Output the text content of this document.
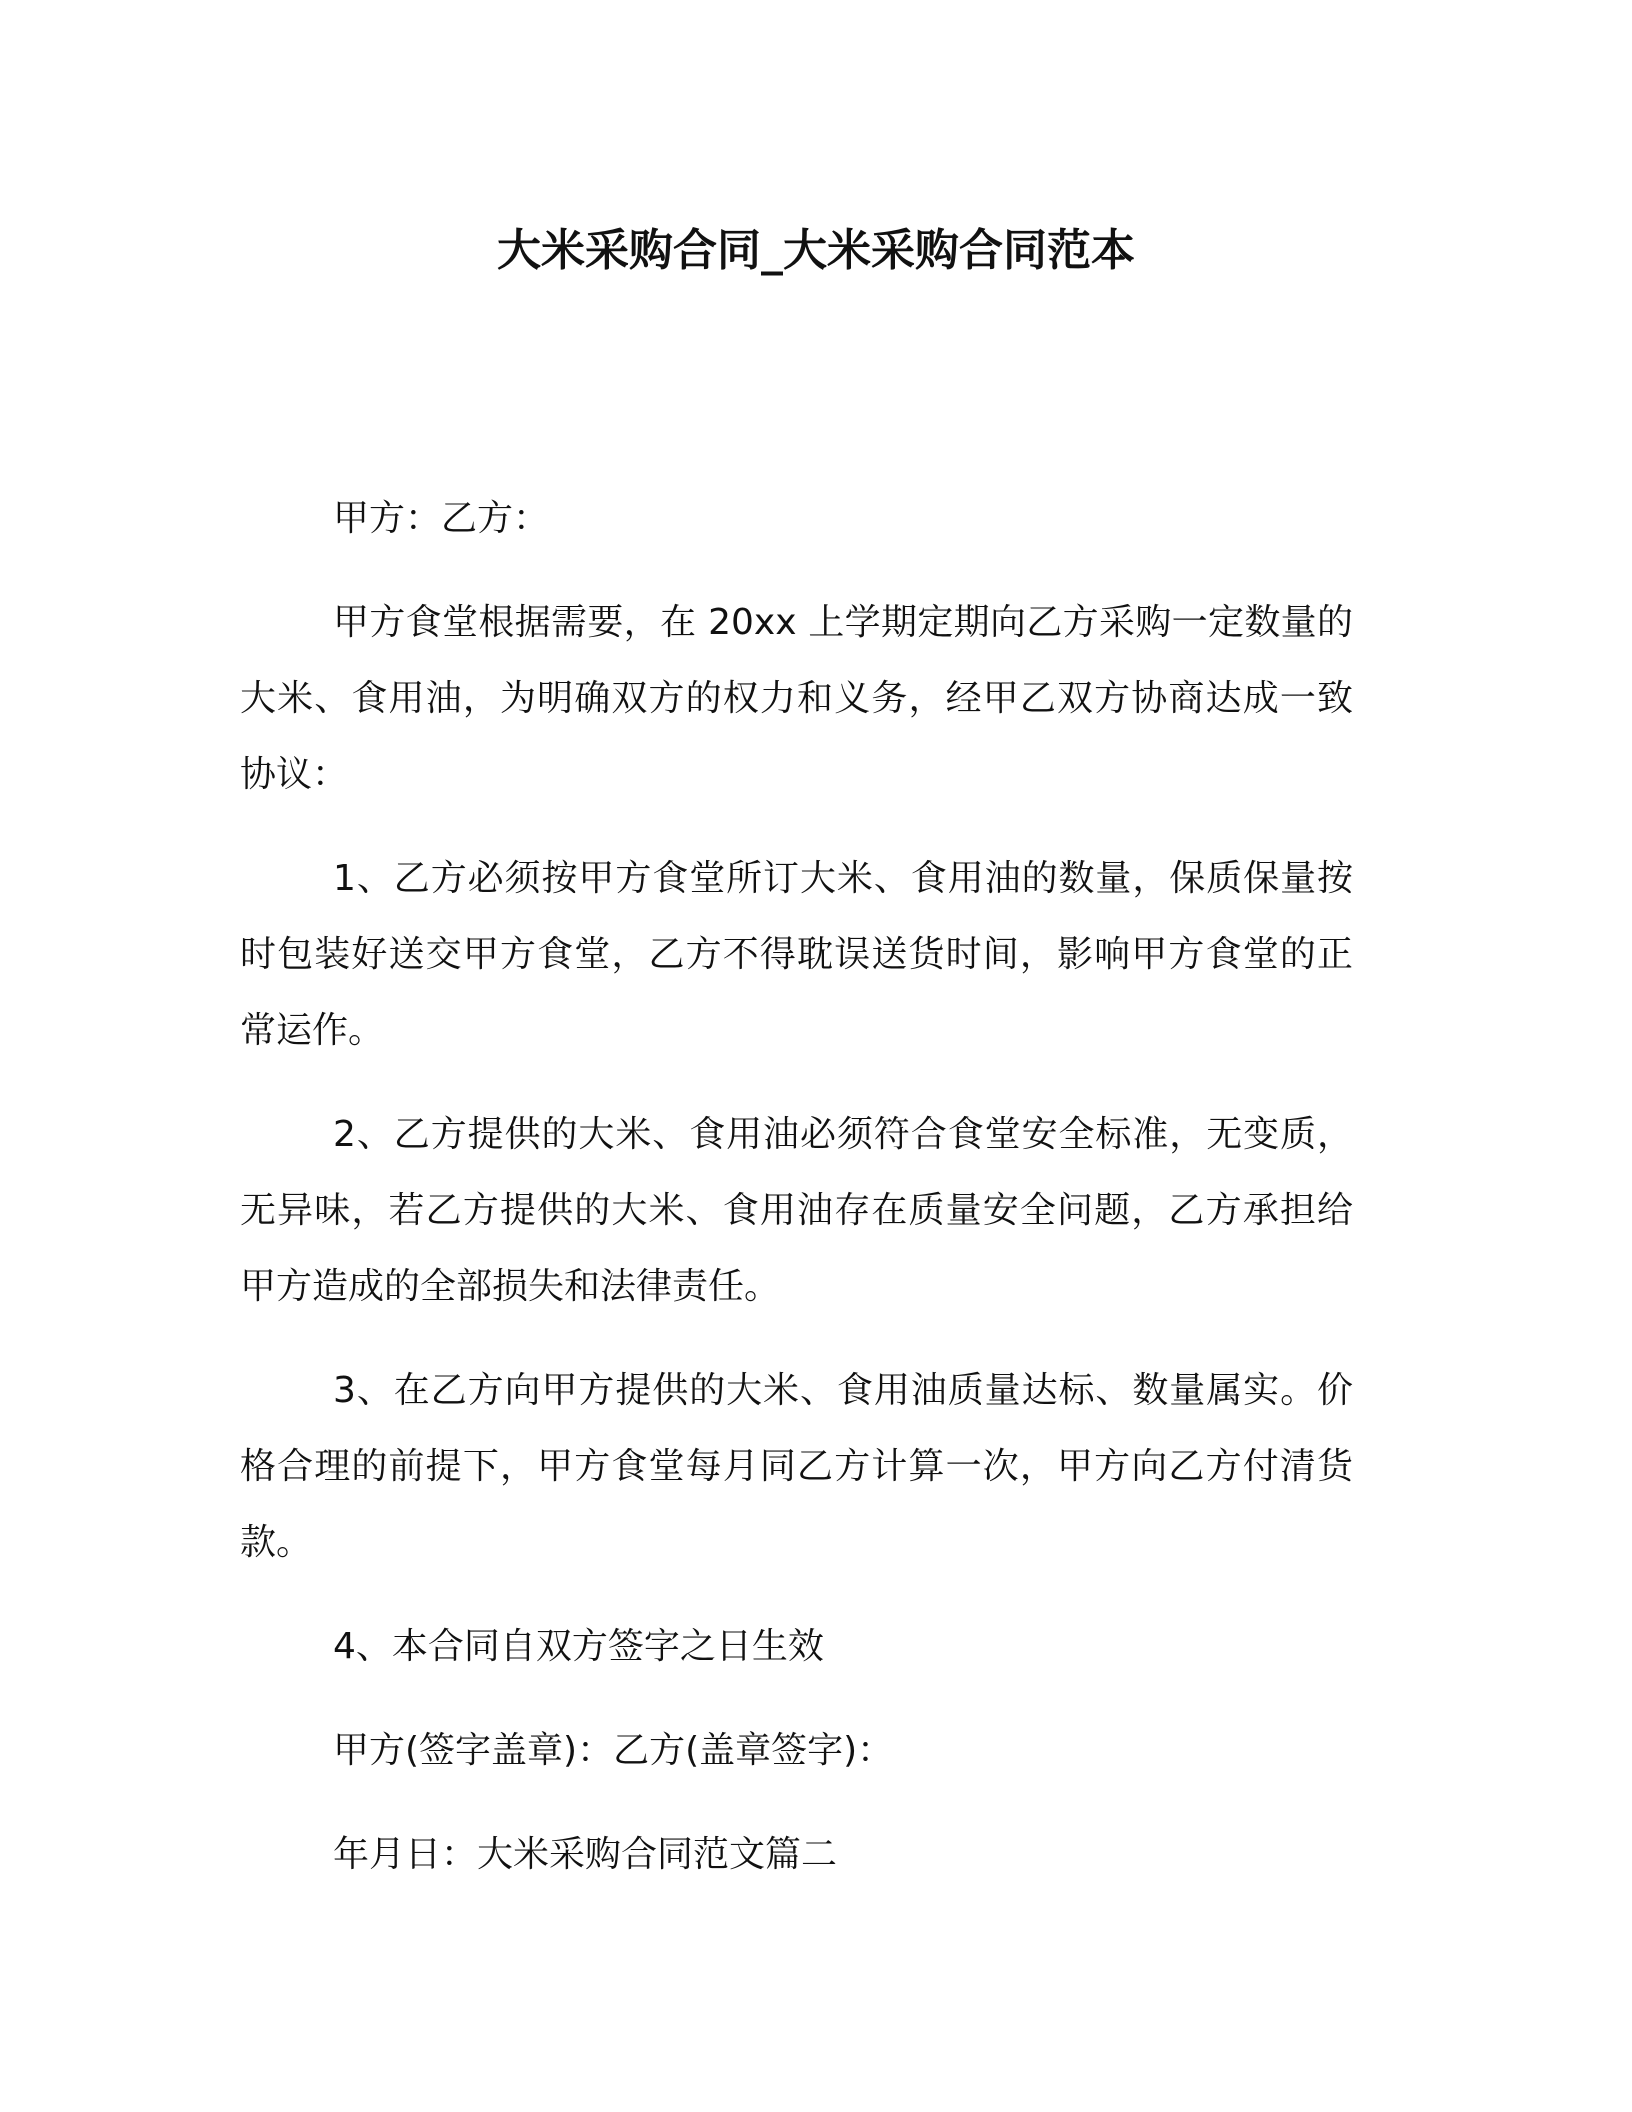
大米采购合同_大米采购合同范本
甲方：乙方：
甲方食堂根据需要，在 20xx 上学期定期向乙方采购一定数量的
大米、食用油，为明确双方的权力和义务，经甲乙双方协商达成一致
协议：
1、乙方必须按甲方食堂所订大米、食用油的数量，保质保量按
时包装好送交甲方食堂，乙方不得耽误送货时间，影响甲方食堂的正
常运作。
2、乙方提供的大米、食用油必须符合食堂安全标准，无变质，
无异味，若乙方提供的大米、食用油存在质量安全问题，乙方承担给
甲方造成的全部损失和法律责任。
3、在乙方向甲方提供的大米、食用油质量达标、数量属实。价
格合理的前提下，甲方食堂每月同乙方计算一次，甲方向乙方付清货
款。
4、本合同自双方签字之日生效
甲方(签字盖章)：乙方(盖章签字)：
年月日：大米采购合同范文篇二
